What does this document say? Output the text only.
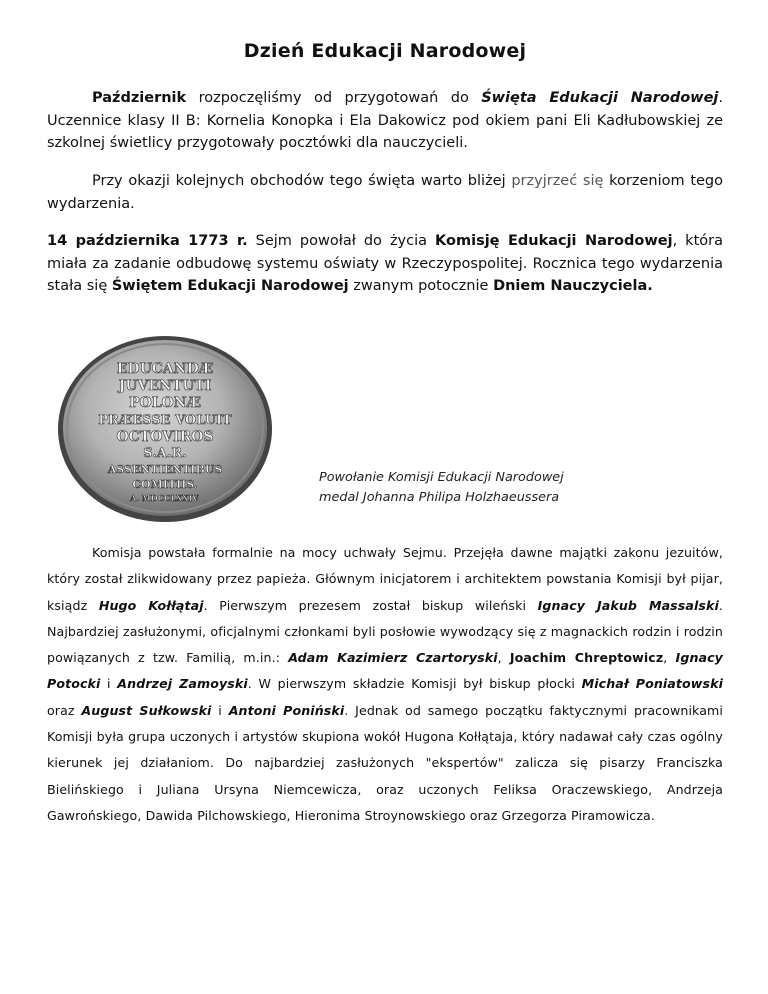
Dzień Edukacji Narodowej

Październik rozpoczęliśmy od przygotowań do Święta Edukacji Narodowej. Uczennice klasy II B: Kornelia Konopka i Ela Dakowicz pod okiem pani Eli Kadłubowskiej ze szkolnej świetlicy przygotowały pocztówki dla nauczycieli.

Przy okazji kolejnych obchodów tego święta warto bliżej przyjrzeć się korzeniom tego wydarzenia.

14 października 1773 r. Sejm powołał do życia Komisję Edukacji Narodowej, która miała za zadanie odbudowę systemu oświaty w Rzeczypospolitej. Rocznica tego wydarzenia stała się Świętem Edukacji Narodowej zwanym potocznie Dniem Nauczyciela.

EDUCANDÆ
JUVENTUTI
POLONÆ
PRÆESSE VOLUIT
OCTOVIROS
S.A.R.
ASSENTIENTIBUS
COMITIIS.
A. MDCCLXXIV.
Powołanie Komisji Edukacji Narodowej
medal Johanna Philipa Holzhaeussera

Komisja powstała formalnie na mocy uchwały Sejmu. Przejęła dawne majątki zakonu jezuitów, który został zlikwidowany przez papieża. Głównym inicjatorem i architektem powstania Komisji był pijar, ksiądz Hugo Kołłątaj. Pierwszym prezesem został biskup wileński Ignacy Jakub Massalski. Najbardziej zasłużonymi, oficjalnymi członkami byli posłowie wywodzący się z magnackich rodzin i rodzin powiązanych z tzw. Familią, m.in.: Adam Kazimierz Czartoryski, Joachim Chreptowicz, Ignacy Potocki i Andrzej Zamoyski. W pierwszym składzie Komisji był biskup płocki Michał Poniatowski oraz August Sułkowski i Antoni Poniński. Jednak od samego początku faktycznymi pracownikami Komisji była grupa uczonych i artystów skupiona wokół Hugona Kołłątaja, który nadawał cały czas ogólny kierunek jej działaniom. Do najbardziej zasłużonych "ekspertów" zalicza się pisarzy Franciszka Bielińskiego i Juliana Ursyna Niemcewicza, oraz uczonych Feliksa Oraczewskiego, Andrzeja Gawrońskiego, Dawida Pilchowskiego, Hieronima Stroynowskiego oraz Grzegorza Piramowicza.
